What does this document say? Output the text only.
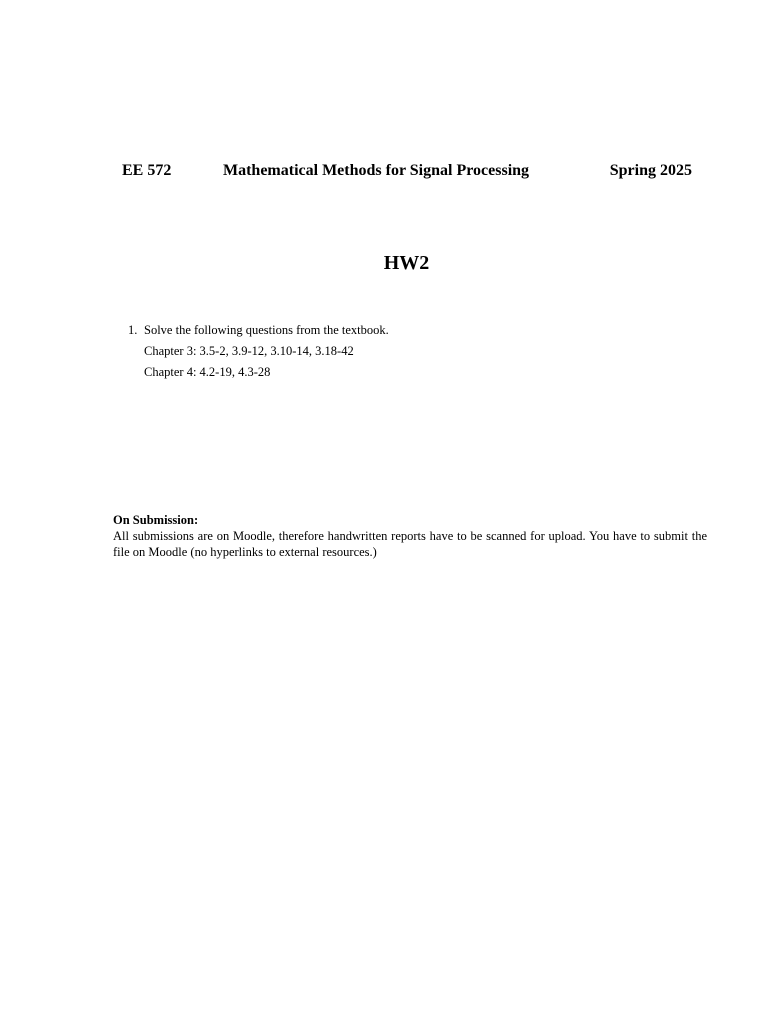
EE 572	Mathematical Methods for Signal Processing	Spring 2025
HW2
1. Solve the following questions from the textbook.
Chapter 3: 3.5-2, 3.9-12, 3.10-14, 3.18-42
Chapter 4: 4.2-19, 4.3-28
On Submission:
All submissions are on Moodle, therefore handwritten reports have to be scanned for upload. You have to submit the file on Moodle (no hyperlinks to external resources.)
